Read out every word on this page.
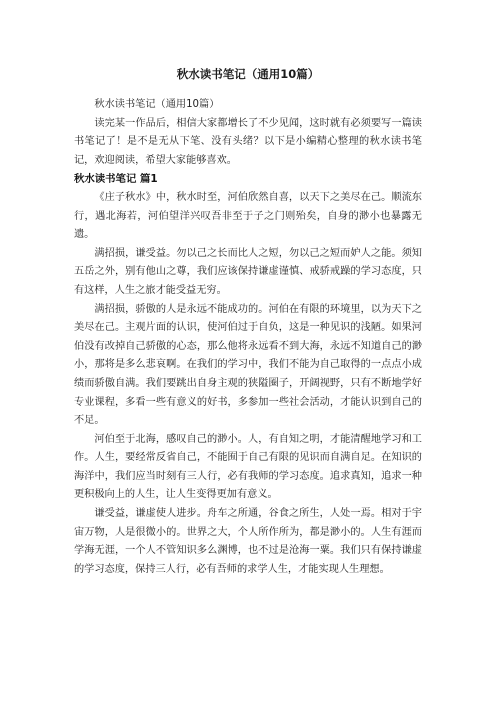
秋水读书笔记（通用10篇）

秋水读书笔记（通用10篇）

读完某一作品后，相信大家都增长了不少见闻，这时就有必须要写一篇读书笔记了！是不是无从下笔、没有头绪？以下是小编精心整理的秋水读书笔记，欢迎阅读，希望大家能够喜欢。

秋水读书笔记 篇1

《庄子秋水》中，秋水时至，河伯欣然自喜，以天下之美尽在己。顺流东行，遇北海若，河伯望洋兴叹吾非至于子之门则殆矣，自身的渺小也暴露无遗。

满招损，谦受益。勿以己之长而比人之短，勿以己之短而妒人之能。须知五岳之外，别有他山之尊，我们应该保持谦虚谨慎、戒骄戒躁的学习态度，只有这样，人生之旅才能受益无穷。

满招损，骄傲的人是永远不能成功的。河伯在有限的环境里，以为天下之美尽在己。主观片面的认识，使河伯过于自负，这是一种见识的浅陋。如果河伯没有改掉自己骄傲的心态，那么他将永远看不到大海，永远不知道自己的渺小，那将是多么悲哀啊。在我们的学习中，我们不能为自己取得的一点点小成绩而骄傲自满。我们要跳出自身主观的狭隘圈子，开阔视野，只有不断地学好专业课程，多看一些有意义的好书，多参加一些社会活动，才能认识到自己的不足。

河伯至于北海，感叹自己的渺小。人，有自知之明，才能清醒地学习和工作。人生，要经常反省自己，不能囿于自己有限的见识而自满自足。在知识的海洋中，我们应当时刻有三人行，必有我师的学习态度。追求真知，追求一种更积极向上的人生，让人生变得更加有意义。

谦受益，谦虚使人进步。舟车之所通，谷食之所生，人处一焉。相对于宇宙万物，人是很微小的。世界之大，个人所作所为，都是渺小的。人生有涯而学海无涯，一个人不管知识多么渊博，也不过是沧海一粟。我们只有保持谦虚的学习态度，保持三人行，必有吾师的求学人生，才能实现人生理想。
